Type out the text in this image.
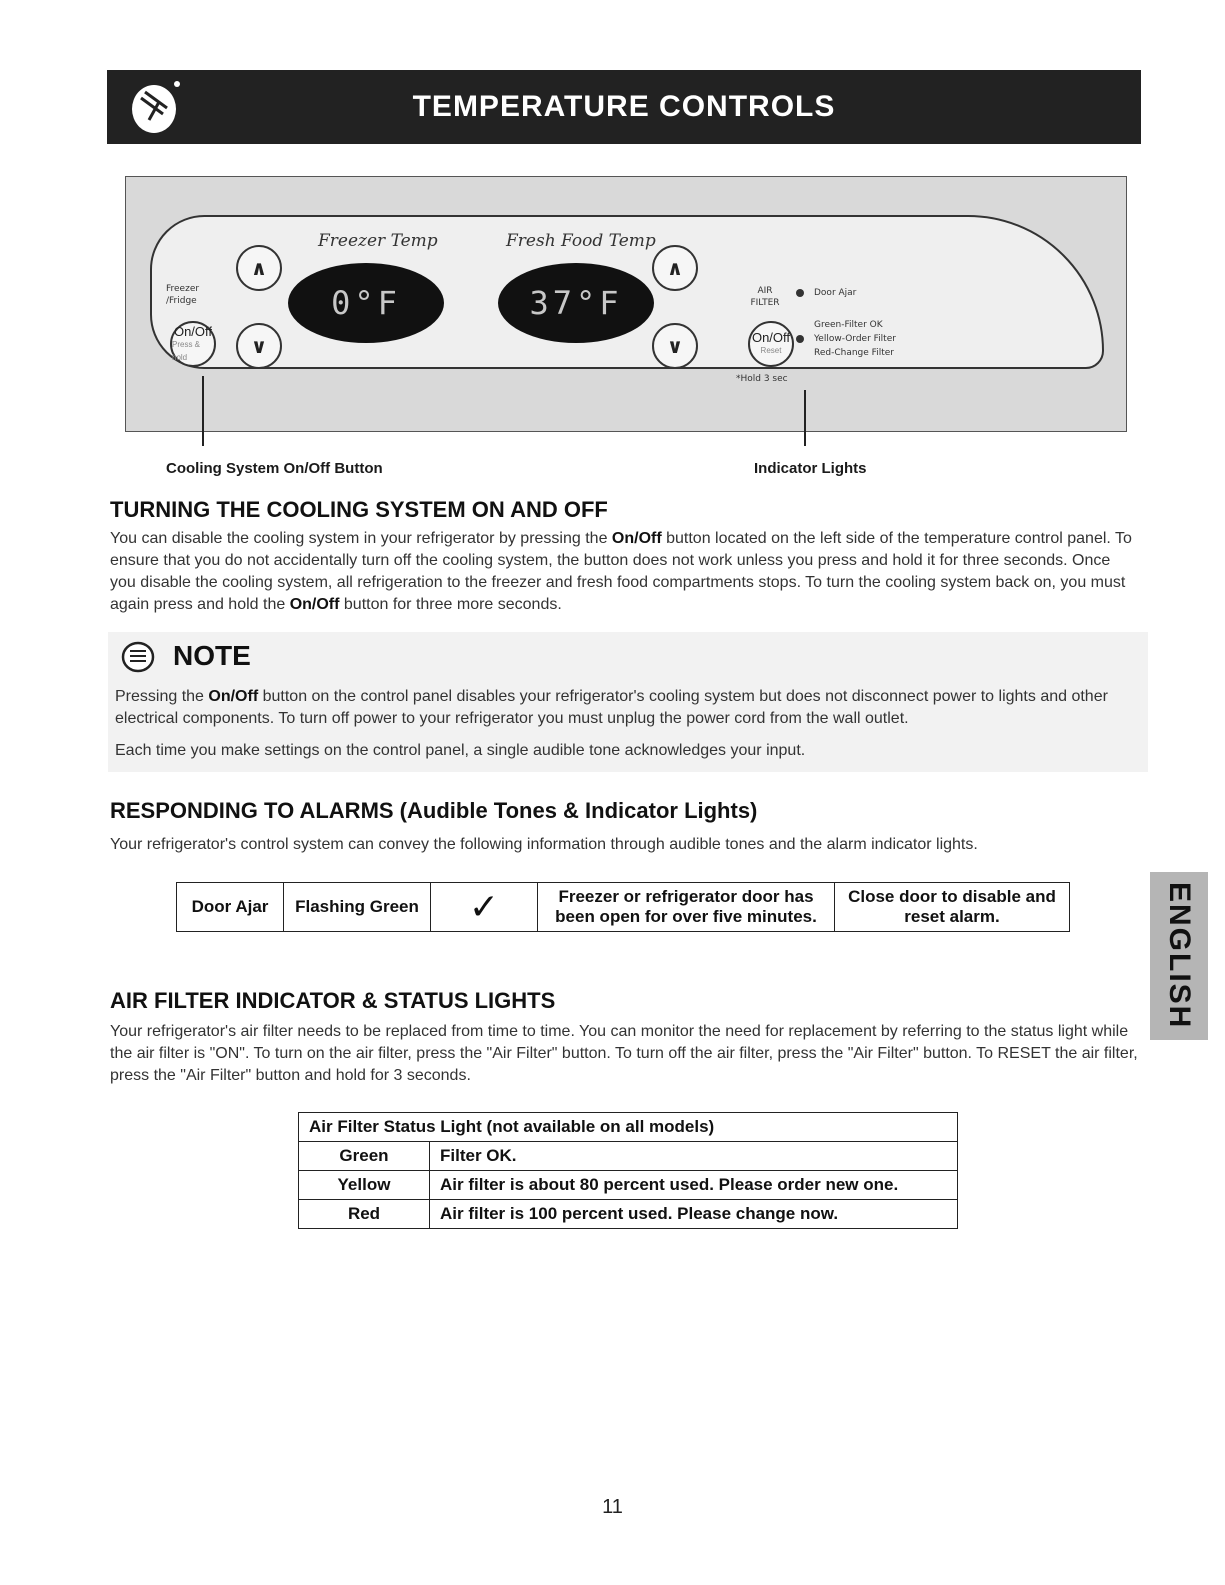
TEMPERATURE CONTROLS
Freezer Temp	Fresh Food Temp
Freezer /Fridge
∧
∨
On/Off
Press & hold
0°F	37°F
∧
∨
AIR FILTER
On/Off
Reset
*Hold 3 sec
Door Ajar
Green-Filter OK
Yellow-Order Filter
Red-Change Filter
Cooling System On/Off Button	Indicator Lights
TURNING THE COOLING SYSTEM ON AND OFF
You can disable the cooling system in your refrigerator by pressing the On/Off button located on the left side of the temperature control panel. To ensure that you do not accidentally turn off the cooling system, the button does not work unless you press and hold it for three seconds. Once you disable the cooling system, all refrigeration to the freezer and fresh food compartments stops. To turn the cooling system back on, you must again press and hold the On/Off button for three more seconds.
NOTE
Pressing the On/Off button on the control panel disables your refrigerator's cooling system but does not disconnect power to lights and other electrical components. To turn off power to your refrigerator you must unplug the power cord from the wall outlet.
Each time you make settings on the control panel, a single audible tone acknowledges your input.
RESPONDING TO ALARMS (Audible Tones & Indicator Lights)
Your refrigerator's control system can convey the following information through audible tones and the alarm indicator lights.
Door Ajar	Flashing Green	✓	Freezer or refrigerator door has been open for over five minutes.	Close door to disable and reset alarm.
AIR FILTER INDICATOR & STATUS LIGHTS
Your refrigerator's air filter needs to be replaced from time to time. You can monitor the need for replacement by referring to the status light while the air filter is "ON". To turn on the air filter, press the "Air Filter" button. To turn off the air filter, press the "Air Filter" button. To RESET the air filter, press the "Air Filter" button and hold for 3 seconds.
Air Filter Status Light (not available on all models)	
Green	Filter OK.
Yellow	Air filter is about 80 percent used. Please order new one.
Red	Air filter is 100 percent used. Please change now.
ENGLISH
11
